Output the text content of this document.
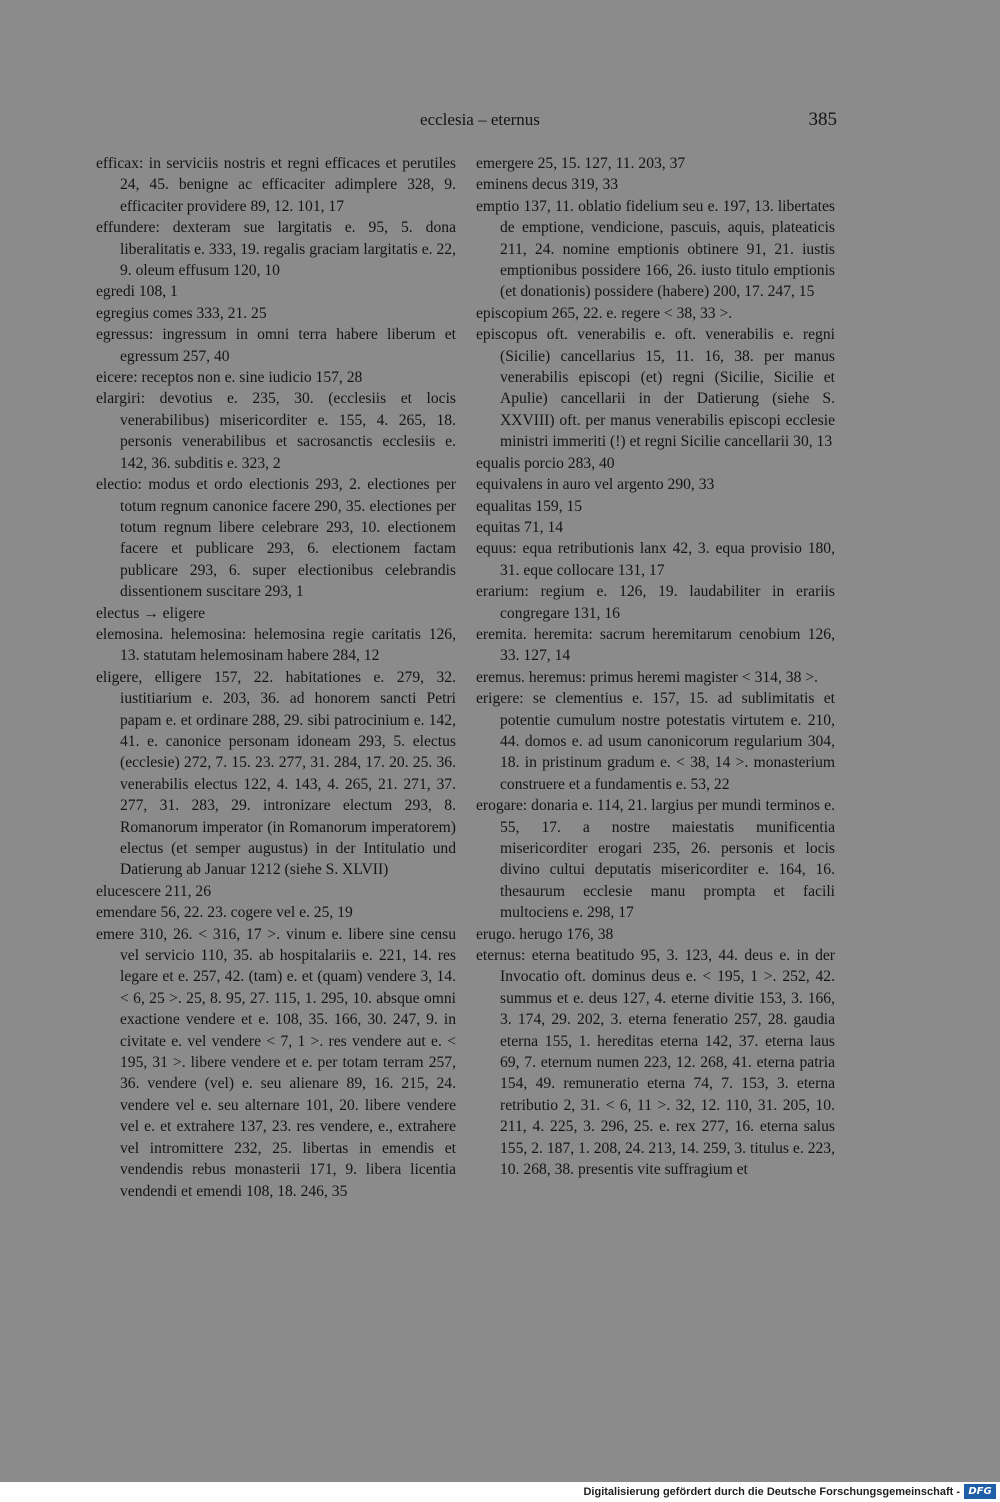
ecclesia – eternus	385

efficax: in serviciis nostris et regni efficaces et perutiles 24, 45. benigne ac efficaciter adimplere 328, 9. efficaciter providere 89, 12. 101, 17

effundere: dexteram sue largitatis e. 95, 5. dona liberalitatis e. 333, 19. regalis graciam largitatis e. 22, 9. oleum effusum 120, 10

egredi 108, 1

egregius comes 333, 21. 25

egressus: ingressum in omni terra habere liberum et egressum 257, 40

eicere: receptos non e. sine iudicio 157, 28

elargiri: devotius e. 235, 30. (ecclesiis et locis venerabilibus) misericorditer e. 155, 4. 265, 18. personis venerabilibus et sacrosanctis ecclesiis e. 142, 36. subditis e. 323, 2

electio: modus et ordo electionis 293, 2. electiones per totum regnum canonice facere 290, 35. electiones per totum regnum libere celebrare 293, 10. electionem facere et publicare 293, 6. electionem factam publicare 293, 6. super electionibus celebrandis dissentionem suscitare 293, 1

electus → eligere

elemosina. helemosina: helemosina regie caritatis 126, 13. statutam helemosinam habere 284, 12

eligere, elligere 157, 22. habitationes e. 279, 32. iustitiarium e. 203, 36. ad honorem sancti Petri papam e. et ordinare 288, 29. sibi patrocinium e. 142, 41. e. canonice personam idoneam 293, 5. electus (ecclesie) 272, 7. 15. 23. 277, 31. 284, 17. 20. 25. 36. venerabilis electus 122, 4. 143, 4. 265, 21. 271, 37. 277, 31. 283, 29. intronizare electum 293, 8. Romanorum imperator (in Romanorum imperatorem) electus (et semper augustus) in der Intitulatio und Datierung ab Januar 1212 (siehe S. XLVII)

elucescere 211, 26

emendare 56, 22. 23. cogere vel e. 25, 19

emere 310, 26. < 316, 17 >. vinum e. libere sine censu vel servicio 110, 35. ab hospitalariis e. 221, 14. res legare et e. 257, 42. (tam) e. et (quam) vendere 3, 14. < 6, 25 >. 25, 8. 95, 27. 115, 1. 295, 10. absque omni exactione vendere et e. 108, 35. 166, 30. 247, 9. in civitate e. vel vendere < 7, 1 >. res vendere aut e. < 195, 31 >. libere vendere et e. per totam terram 257, 36. vendere (vel) e. seu alienare 89, 16. 215, 24. vendere vel e. seu alternare 101, 20. libere vendere vel e. et extrahere 137, 23. res vendere, e., extrahere vel intromittere 232, 25. libertas in emendis et vendendis rebus monasterii 171, 9. libera licentia vendendi et emendi 108, 18. 246, 35

emergere 25, 15. 127, 11. 203, 37

eminens decus 319, 33

emptio 137, 11. oblatio fidelium seu e. 197, 13. libertates de emptione, vendicione, pascuis, aquis, plateaticis 211, 24. nomine emptionis obtinere 91, 21. iustis emptionibus possidere 166, 26. iusto titulo emptionis (et donationis) possidere (habere) 200, 17. 247, 15

episcopium 265, 22. e. regere < 38, 33 >.

episcopus oft. venerabilis e. oft. venerabilis e. regni (Sicilie) cancellarius 15, 11. 16, 38. per manus venerabilis episcopi (et) regni (Sicilie, Sicilie et Apulie) cancellarii in der Datierung (siehe S. XXVIII) oft. per manus venerabilis episcopi ecclesie ministri immeriti (!) et regni Sicilie cancellarii 30, 13

equalis porcio 283, 40

equivalens in auro vel argento 290, 33

equalitas 159, 15

equitas 71, 14

equus: equa retributionis lanx 42, 3. equa provisio 180, 31. eque collocare 131, 17

erarium: regium e. 126, 19. laudabiliter in erariis congregare 131, 16

eremita. heremita: sacrum heremitarum cenobium 126, 33. 127, 14

eremus. heremus: primus heremi magister < 314, 38 >.

erigere: se clementius e. 157, 15. ad sublimitatis et potentie cumulum nostre potestatis virtutem e. 210, 44. domos e. ad usum canonicorum regularium 304, 18. in pristinum gradum e. < 38, 14 >. monasterium construere et a fundamentis e. 53, 22

erogare: donaria e. 114, 21. largius per mundi terminos e. 55, 17. a nostre maiestatis munificentia misericorditer erogari 235, 26. personis et locis divino cultui deputatis misericorditer e. 164, 16. thesaurum ecclesie manu prompta et facili multociens e. 298, 17

erugo. herugo 176, 38

eternus: eterna beatitudo 95, 3. 123, 44. deus e. in der Invocatio oft. dominus deus e. < 195, 1 >. 252, 42. summus et e. deus 127, 4. eterne divitie 153, 3. 166, 3. 174, 29. 202, 3. eterna feneratio 257, 28. gaudia eterna 155, 1. hereditas eterna 142, 37. eterna laus 69, 7. eternum numen 223, 12. 268, 41. eterna patria 154, 49. remuneratio eterna 74, 7. 153, 3. eterna retributio 2, 31. < 6, 11 >. 32, 12. 110, 31. 205, 10. 211, 4. 225, 3. 296, 25. e. rex 277, 16. eterna salus 155, 2. 187, 1. 208, 24. 213, 14. 259, 3. titulus e. 223, 10. 268, 38. presentis vite suffragium et

Digitalisierung gefördert durch die Deutsche Forschungsgemeinschaft - DFG
